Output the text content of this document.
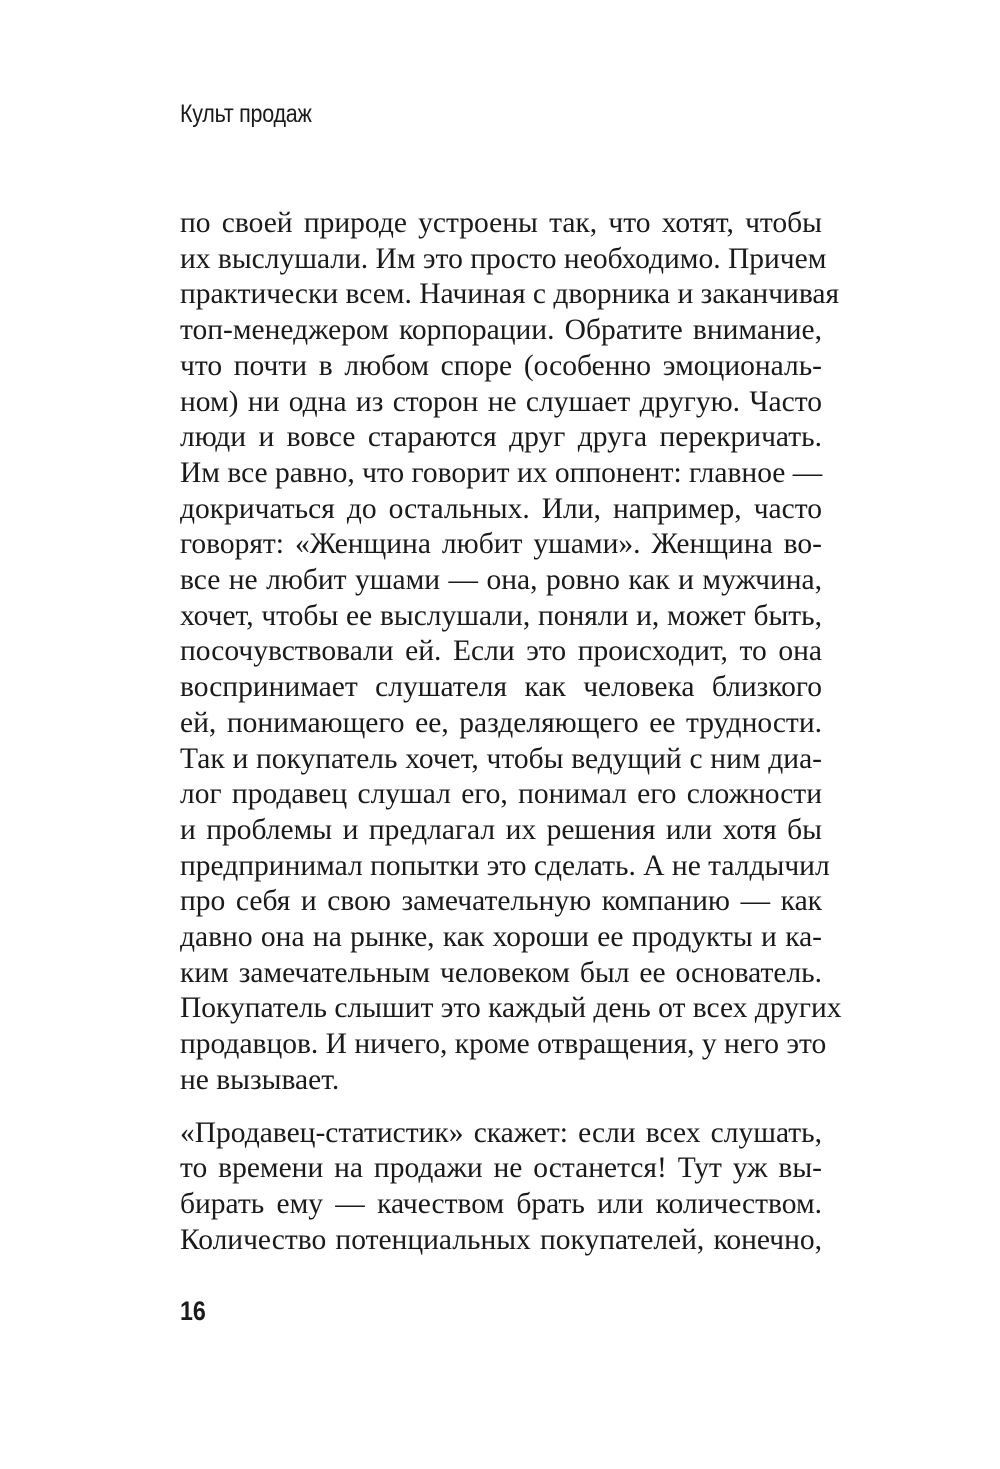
Культ продаж

по своей природе устроены так, что хотят, чтобы
их выслушали. Им это просто необходимо. Причем
практически всем. Начиная с дворника и заканчивая
топ-менеджером корпорации. Обратите внимание,
что почти в любом споре (особенно эмоциональ-
ном) ни одна из сторон не слушает другую. Часто
люди и вовсе стараются друг друга перекричать.
Им все равно, что говорит их оппонент: главное —
докричаться до остальных. Или, например, часто
говорят: «Женщина любит ушами». Женщина во-
все не любит ушами — она, ровно как и мужчина,
хочет, чтобы ее выслушали, поняли и, может быть,
посочувствовали ей. Если это происходит, то она
воспринимает слушателя как человека близкого
ей, понимающего ее, разделяющего ее трудности.
Так и покупатель хочет, чтобы ведущий с ним диа-
лог продавец слушал его, понимал его сложности
и проблемы и предлагал их решения или хотя бы
предпринимал попытки это сделать. А не талдычил
про себя и свою замечательную компанию — как
давно она на рынке, как хороши ее продукты и ка-
ким замечательным человеком был ее основатель.
Покупатель слышит это каждый день от всех других
продавцов. И ничего, кроме отвращения, у него это
не вызывает.

«Продавец-статистик» скажет: если всех слушать,
то времени на продажи не останется! Тут уж вы-
бирать ему — качеством брать или количеством.
Количество потенциальных покупателей, конечно,

16
